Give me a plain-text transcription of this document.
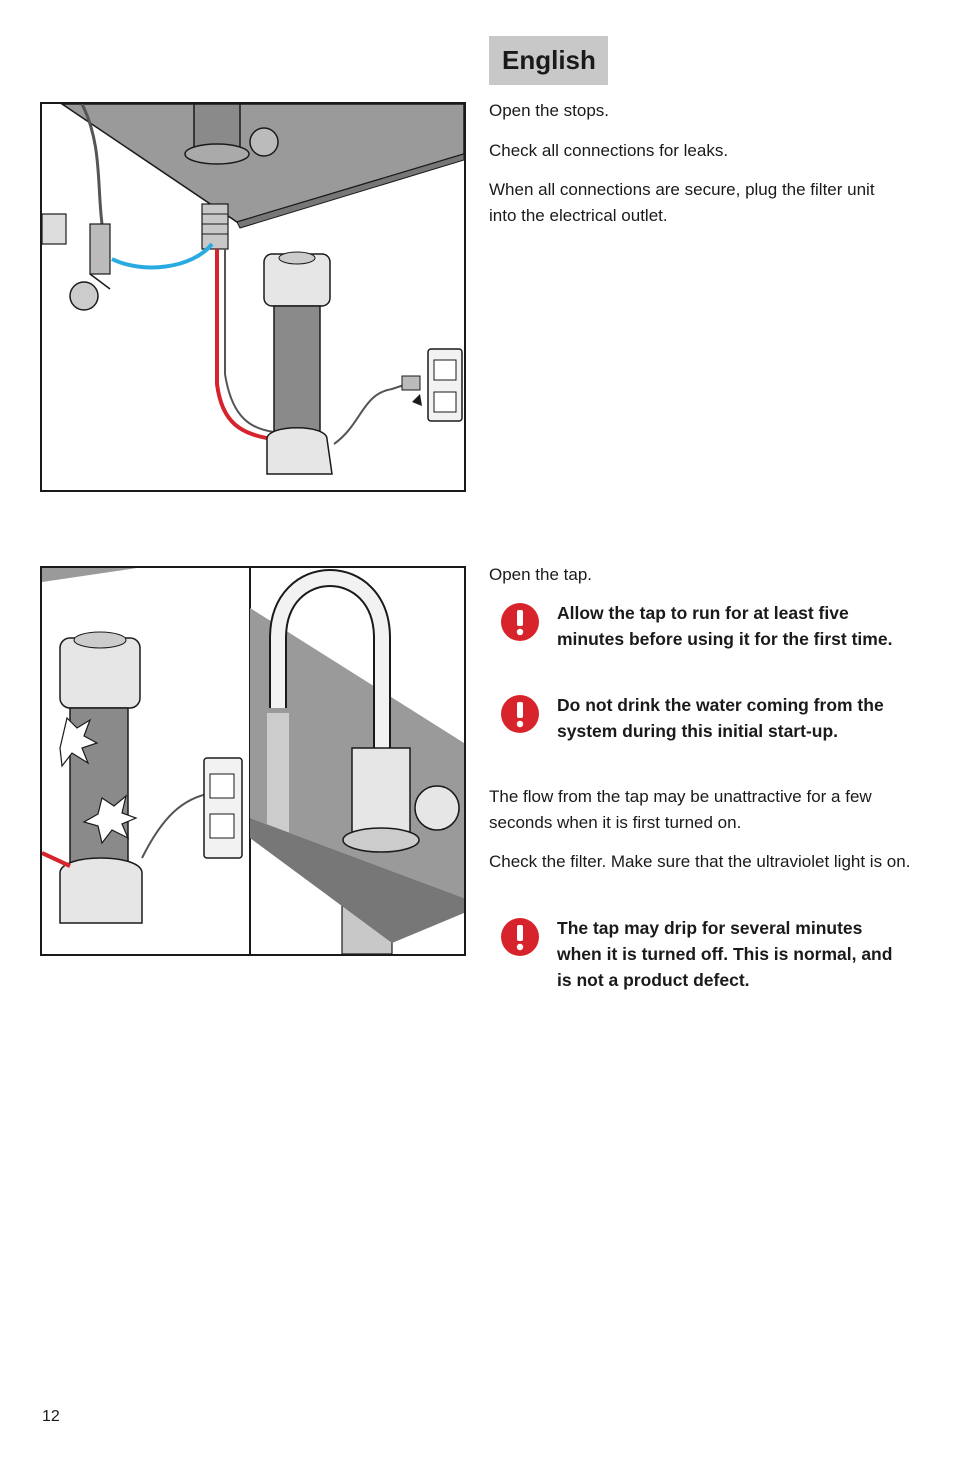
English

Open the stops.

Check all connections for leaks.

When all connections are secure, plug the filter unit into the electrical outlet.

Open the tap.

Allow the tap to run for at least five minutes before using it for the first time.
Do not drink the water coming from the system during this initial start-up.

The flow from the tap may be unattractive for a few seconds when it is first turned on.

Check the filter. Make sure that the ultraviolet light is on.

The tap may drip for several minutes when it is turned off. This is normal, and is not a product defect.
12
